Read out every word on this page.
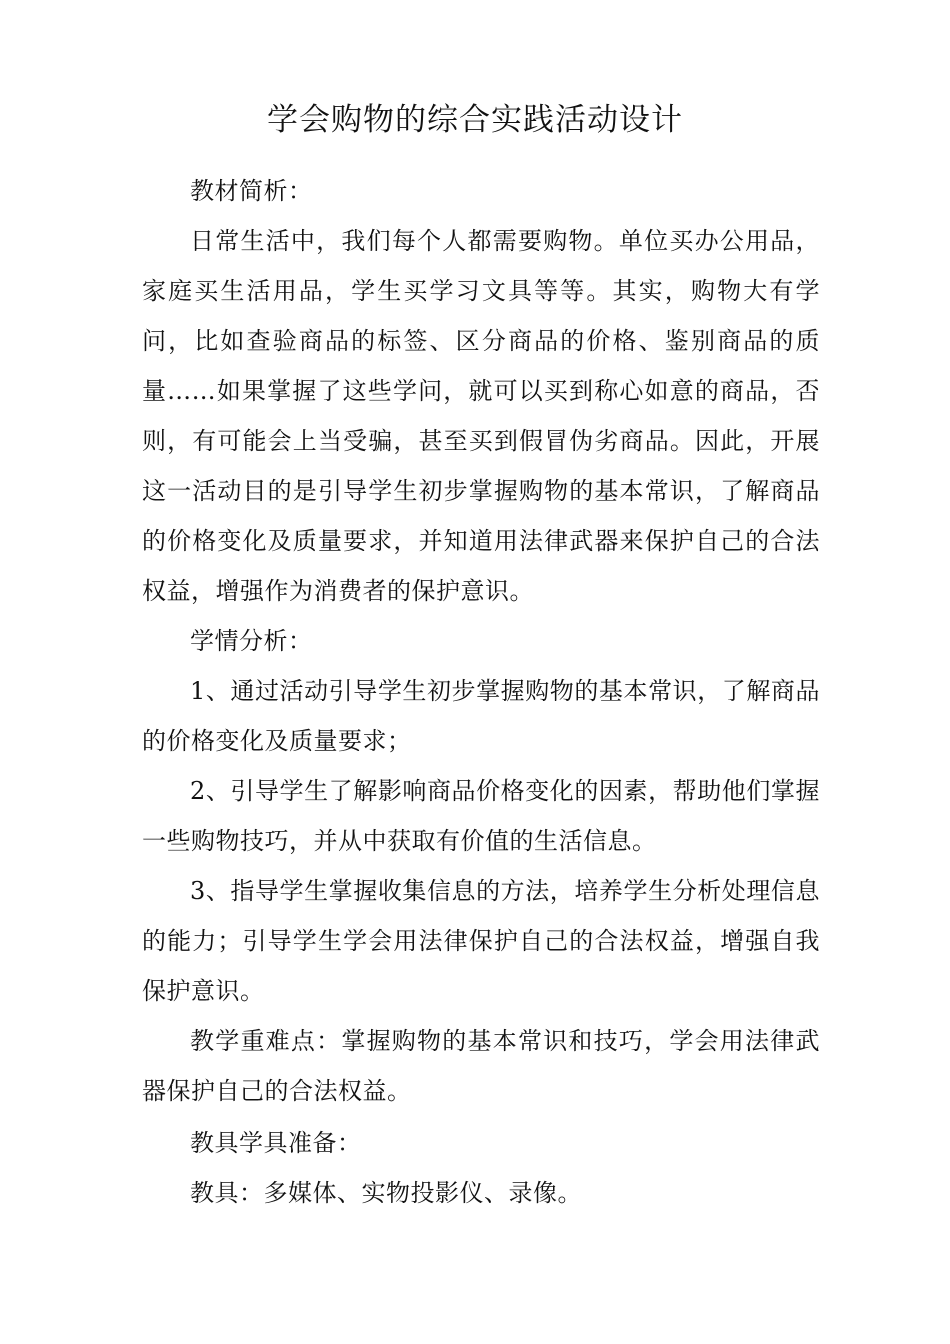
学会购物的综合实践活动设计

教材简析：

日常生活中，我们每个人都需要购物。单位买办公用品，家庭买生活用品，学生买学习文具等等。其实，购物大有学问，比如查验商品的标签、区分商品的价格、鉴别商品的质量……如果掌握了这些学问，就可以买到称心如意的商品，否则，有可能会上当受骗，甚至买到假冒伪劣商品。因此，开展这一活动目的是引导学生初步掌握购物的基本常识，了解商品的价格变化及质量要求，并知道用法律武器来保护自己的合法权益，增强作为消费者的保护意识。

学情分析：

1、通过活动引导学生初步掌握购物的基本常识，了解商品的价格变化及质量要求；

2、引导学生了解影响商品价格变化的因素，帮助他们掌握一些购物技巧，并从中获取有价值的生活信息。

3、指导学生掌握收集信息的方法，培养学生分析处理信息的能力；引导学生学会用法律保护自己的合法权益，增强自我保护意识。

教学重难点：掌握购物的基本常识和技巧，学会用法律武器保护自己的合法权益。

教具学具准备：

教具：多媒体、实物投影仪、录像。
